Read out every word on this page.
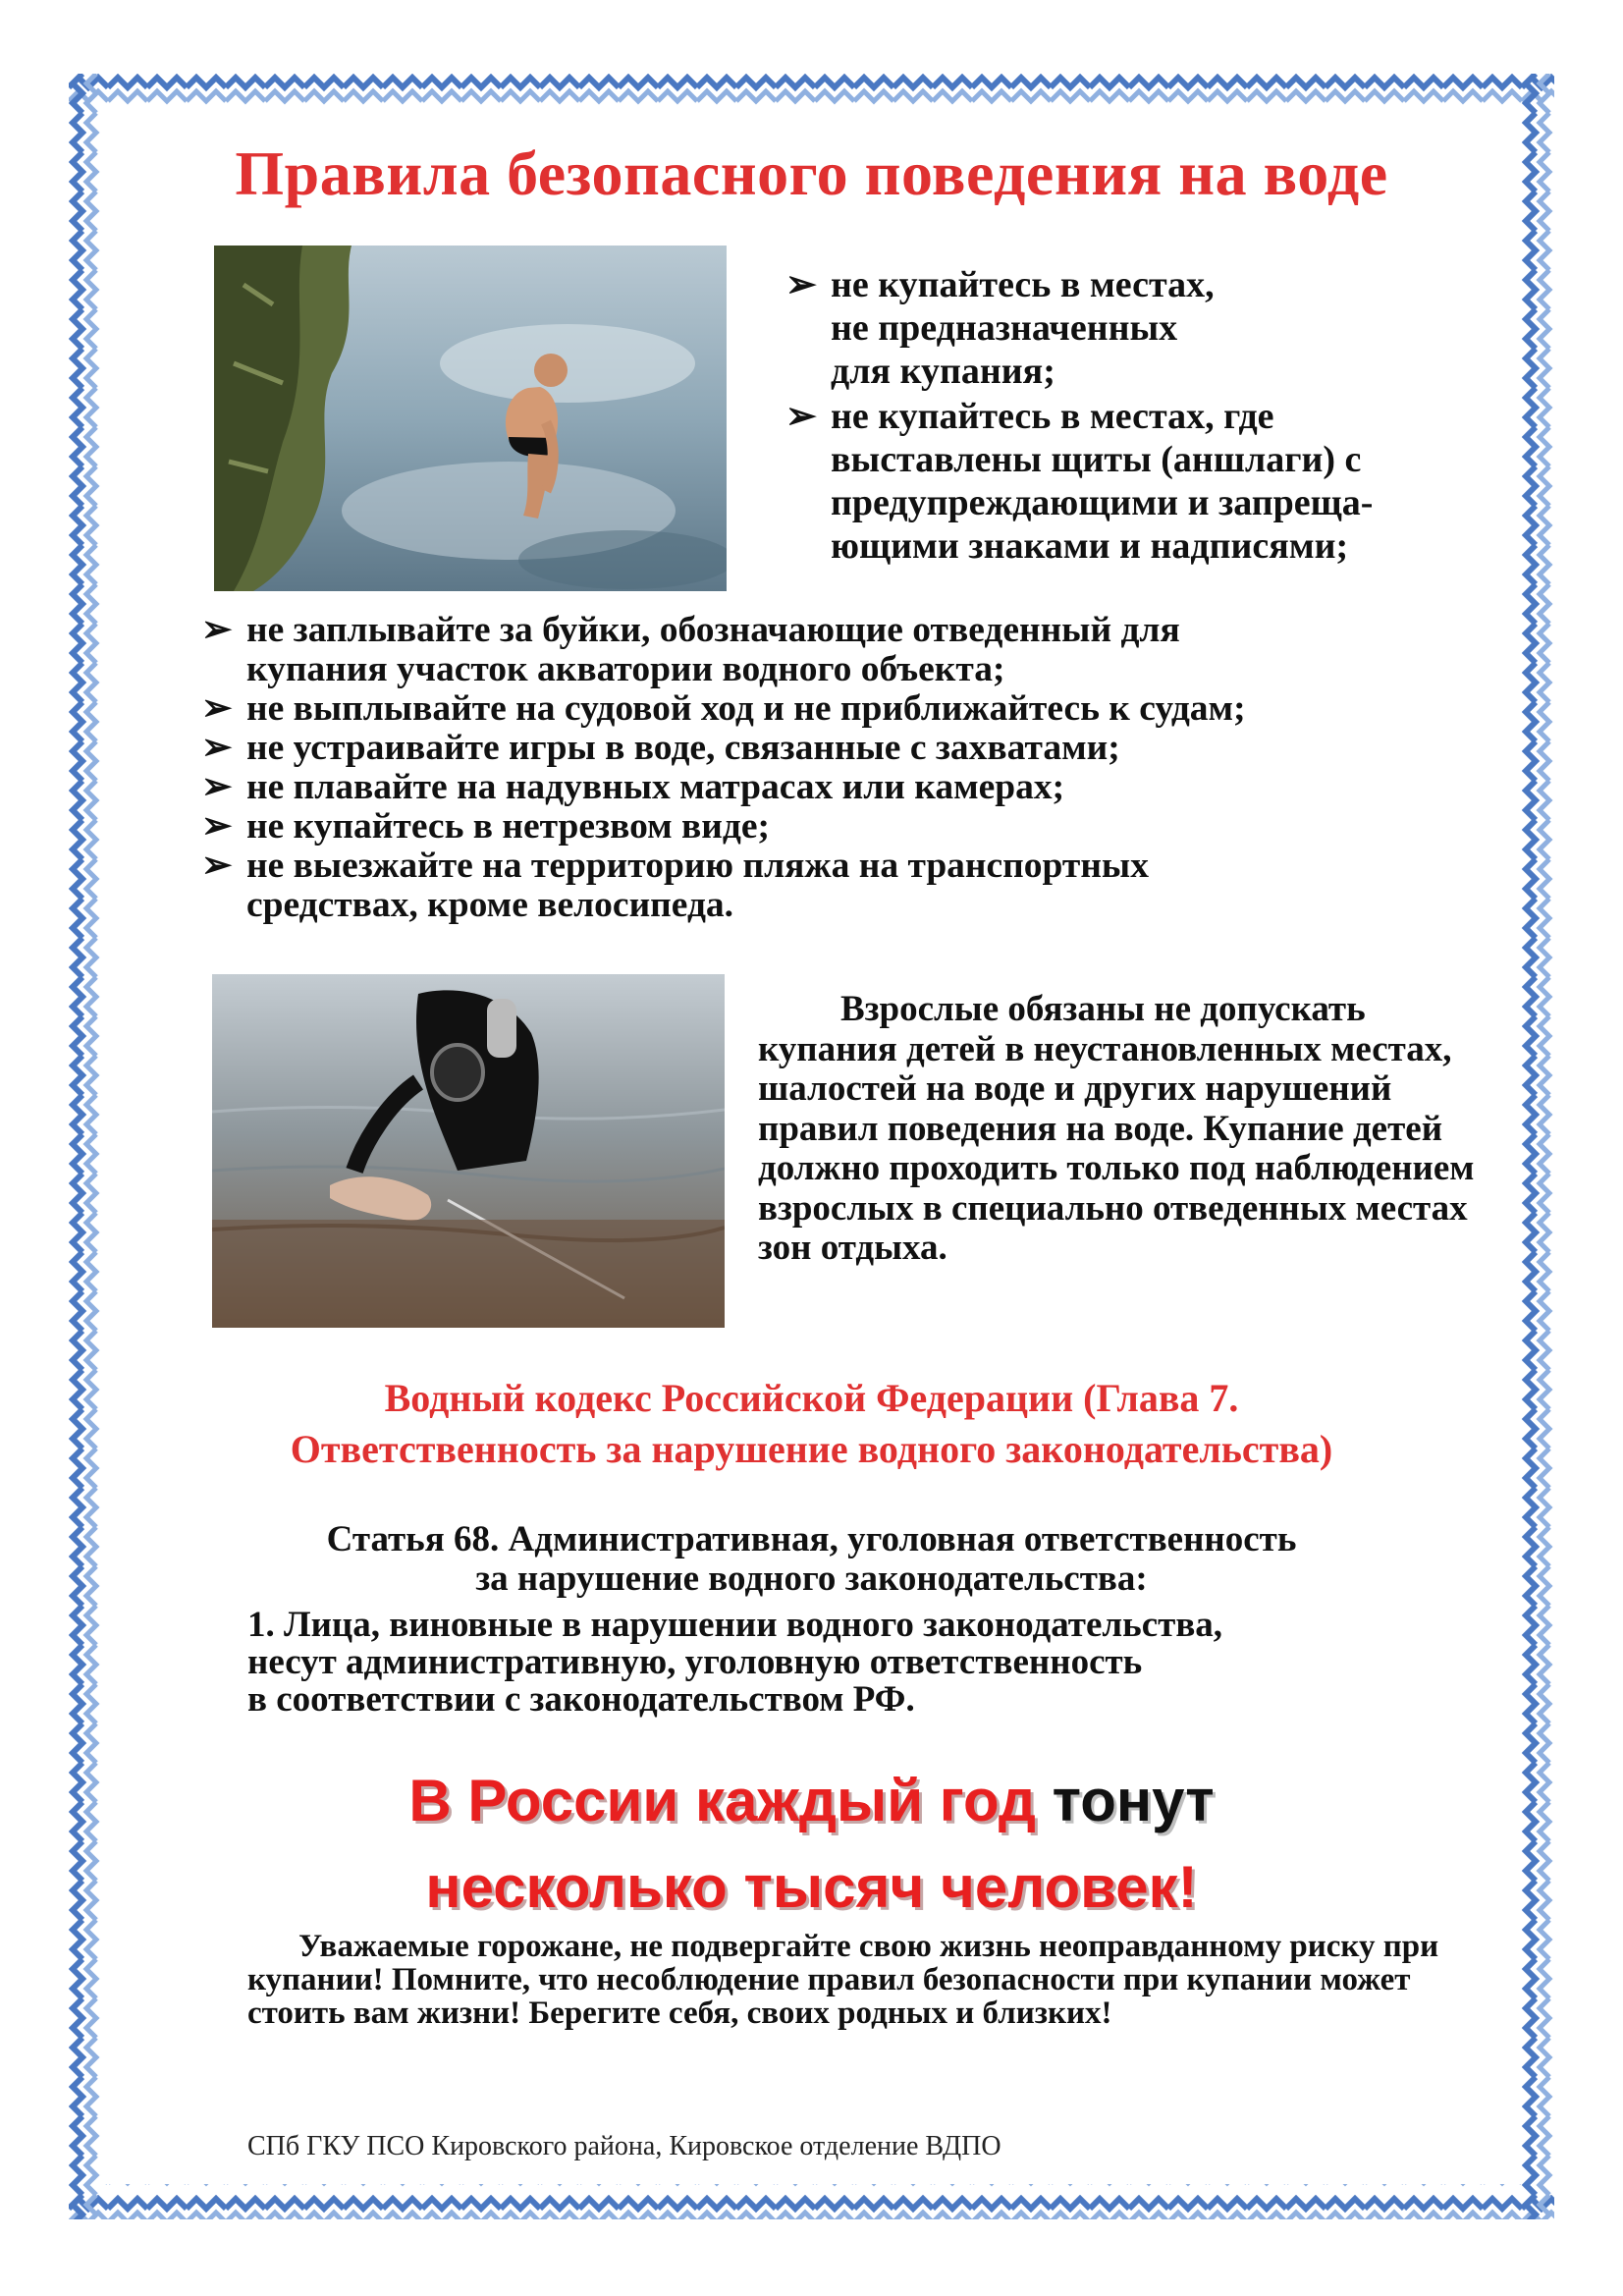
Правила безопасного поведения на воде
➢ не купайтесь в местах,
не предназначенных
для купания;
➢ не купайтесь в местах, где
выставлены щиты (аншлаги) с
предупреждающими и запреща-
ющими знаками и надписями;
➢ не заплывайте за буйки, обозначающие отведенный для
купания участок акватории водного объекта;
➢ не выплывайте на судовой ход и не приближайтесь к судам;
➢ не устраивайте игры в воде, связанные с захватами;
➢ не плавайте на надувных матрасах или камерах;
➢ не купайтесь в нетрезвом виде;
➢ не выезжайте на территорию пляжа на транспортных
средствах, кроме велосипеда.
Взрослые обязаны не допускать купания детей в неустановленных местах, шалостей на воде и других нарушений правил поведения на воде. Купание детей должно проходить только под наблюдением взрослых в специально отведенных местах зон отдыха.
Водный кодекс Российской Федерации (Глава 7.
Ответственность за нарушение водного законодательства)
Статья 68. Административная, уголовная ответственность
за нарушение водного законодательства:
1. Лица, виновные в нарушении водного законодательства,
несут административную, уголовную ответственность
в соответствии с законодательством РФ.
В России каждый год тонут
несколько тысяч человек!
Уважаемые горожане, не подвергайте свою жизнь неоправданному риску при купании! Помните, что несоблюдение правил безопасности при купании может стоить вам жизни! Берегите себя, своих родных и близких!
СПб ГКУ ПСО Кировского района, Кировское отделение ВДПО
